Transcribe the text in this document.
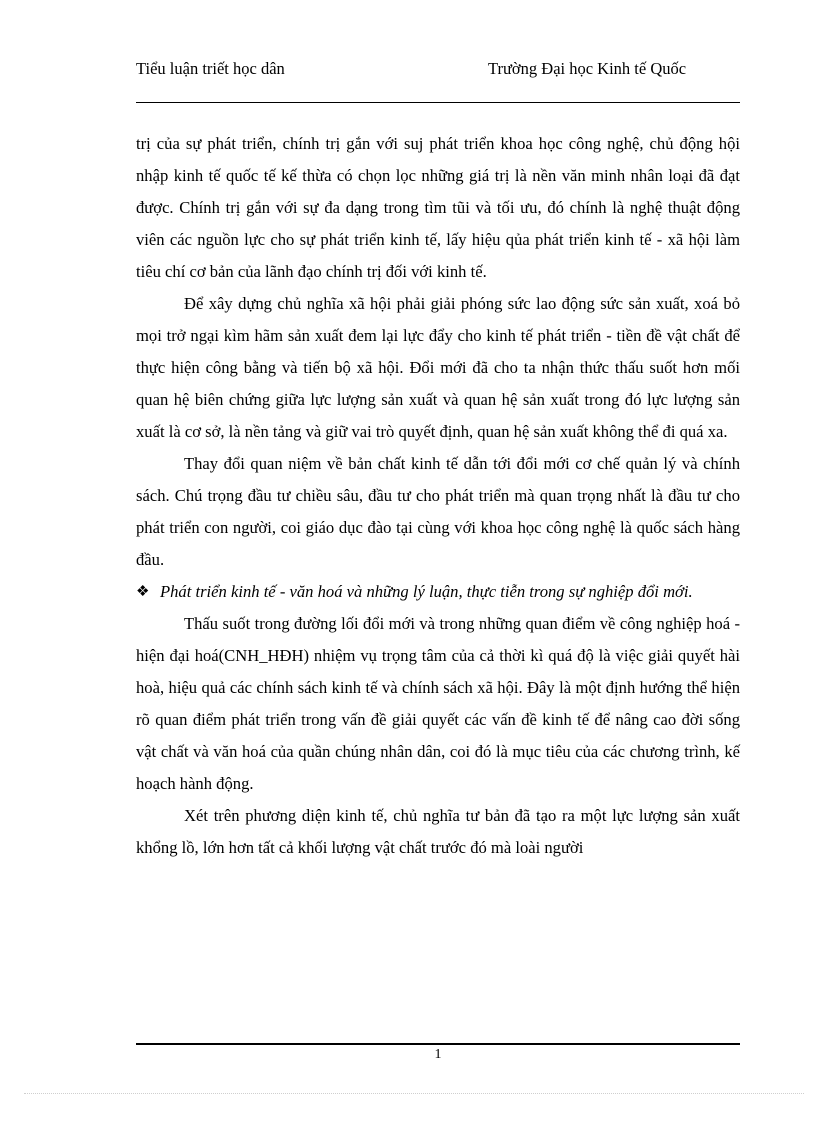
Tiểu luận triết học dân	Trường Đại học Kinh tế Quốc

trị của sự phát triển, chính trị gắn với suj phát triển khoa học công nghệ, chủ động hội nhập kinh tế quốc tế kế thừa có chọn lọc những giá trị là nền văn minh nhân loại đã đạt được. Chính trị gắn với sự đa dạng trong tìm tũi và tối ưu, đó chính là nghệ thuật động viên các nguồn lực cho sự phát triển kinh tế, lấy hiệu qủa phát triển kinh tế - xã hội làm tiêu chí cơ bản của lãnh đạo chính trị đối với kinh tế.

Để xây dựng chủ nghĩa xã hội phải giải phóng sức lao động sức sản xuất, xoá bỏ mọi trở ngại kìm hãm sản xuất đem lại lực đẩy cho kinh tế phát triển - tiền đề vật chất để thực hiện công bằng và tiến bộ xã hội. Đổi mới đã cho ta nhận thức thấu suốt hơn mối quan hệ biên chứng giữa lực lượng sản xuất và quan hệ sản xuất trong đó lực lượng sản xuất là cơ sở, là nền tảng và giữ vai trò quyết định, quan hệ sản xuất không thể đi quá xa.

Thay đổi quan niệm về bản chất kinh tế dẫn tới đổi mới cơ chế quản lý và chính sách. Chú trọng đầu tư chiều sâu, đầu tư cho phát triển mà quan trọng nhất là đầu tư cho phát triển con người, coi giáo dục đào tại cùng với khoa học công nghệ là quốc sách hàng đầu.

❖ Phát triển kinh tế - văn hoá và những lý luận, thực tiễn trong sự nghiệp đổi mới.

Thấu suốt trong đường lối đổi mới và trong những quan điểm về công nghiệp hoá - hiện đại hoá(CNH_HĐH) nhiệm vụ trọng tâm của cả thời kì quá độ là việc giải quyết hài hoà, hiệu quả các chính sách kinh tế và chính sách xã hội. Đây là một định hướng thể hiện rõ quan điểm phát triển trong vấn đề giải quyết các vấn đề kinh tế để nâng cao đời sống vật chất và văn hoá của quần chúng nhân dân, coi đó là mục tiêu của các chương trình, kế hoạch hành động.

Xét trên phương diện kinh tế, chủ nghĩa tư bản đã tạo ra một lực lượng sản xuất khổng lồ, lớn hơn tất cả khối lượng vật chất trước đó mà loài người

1
